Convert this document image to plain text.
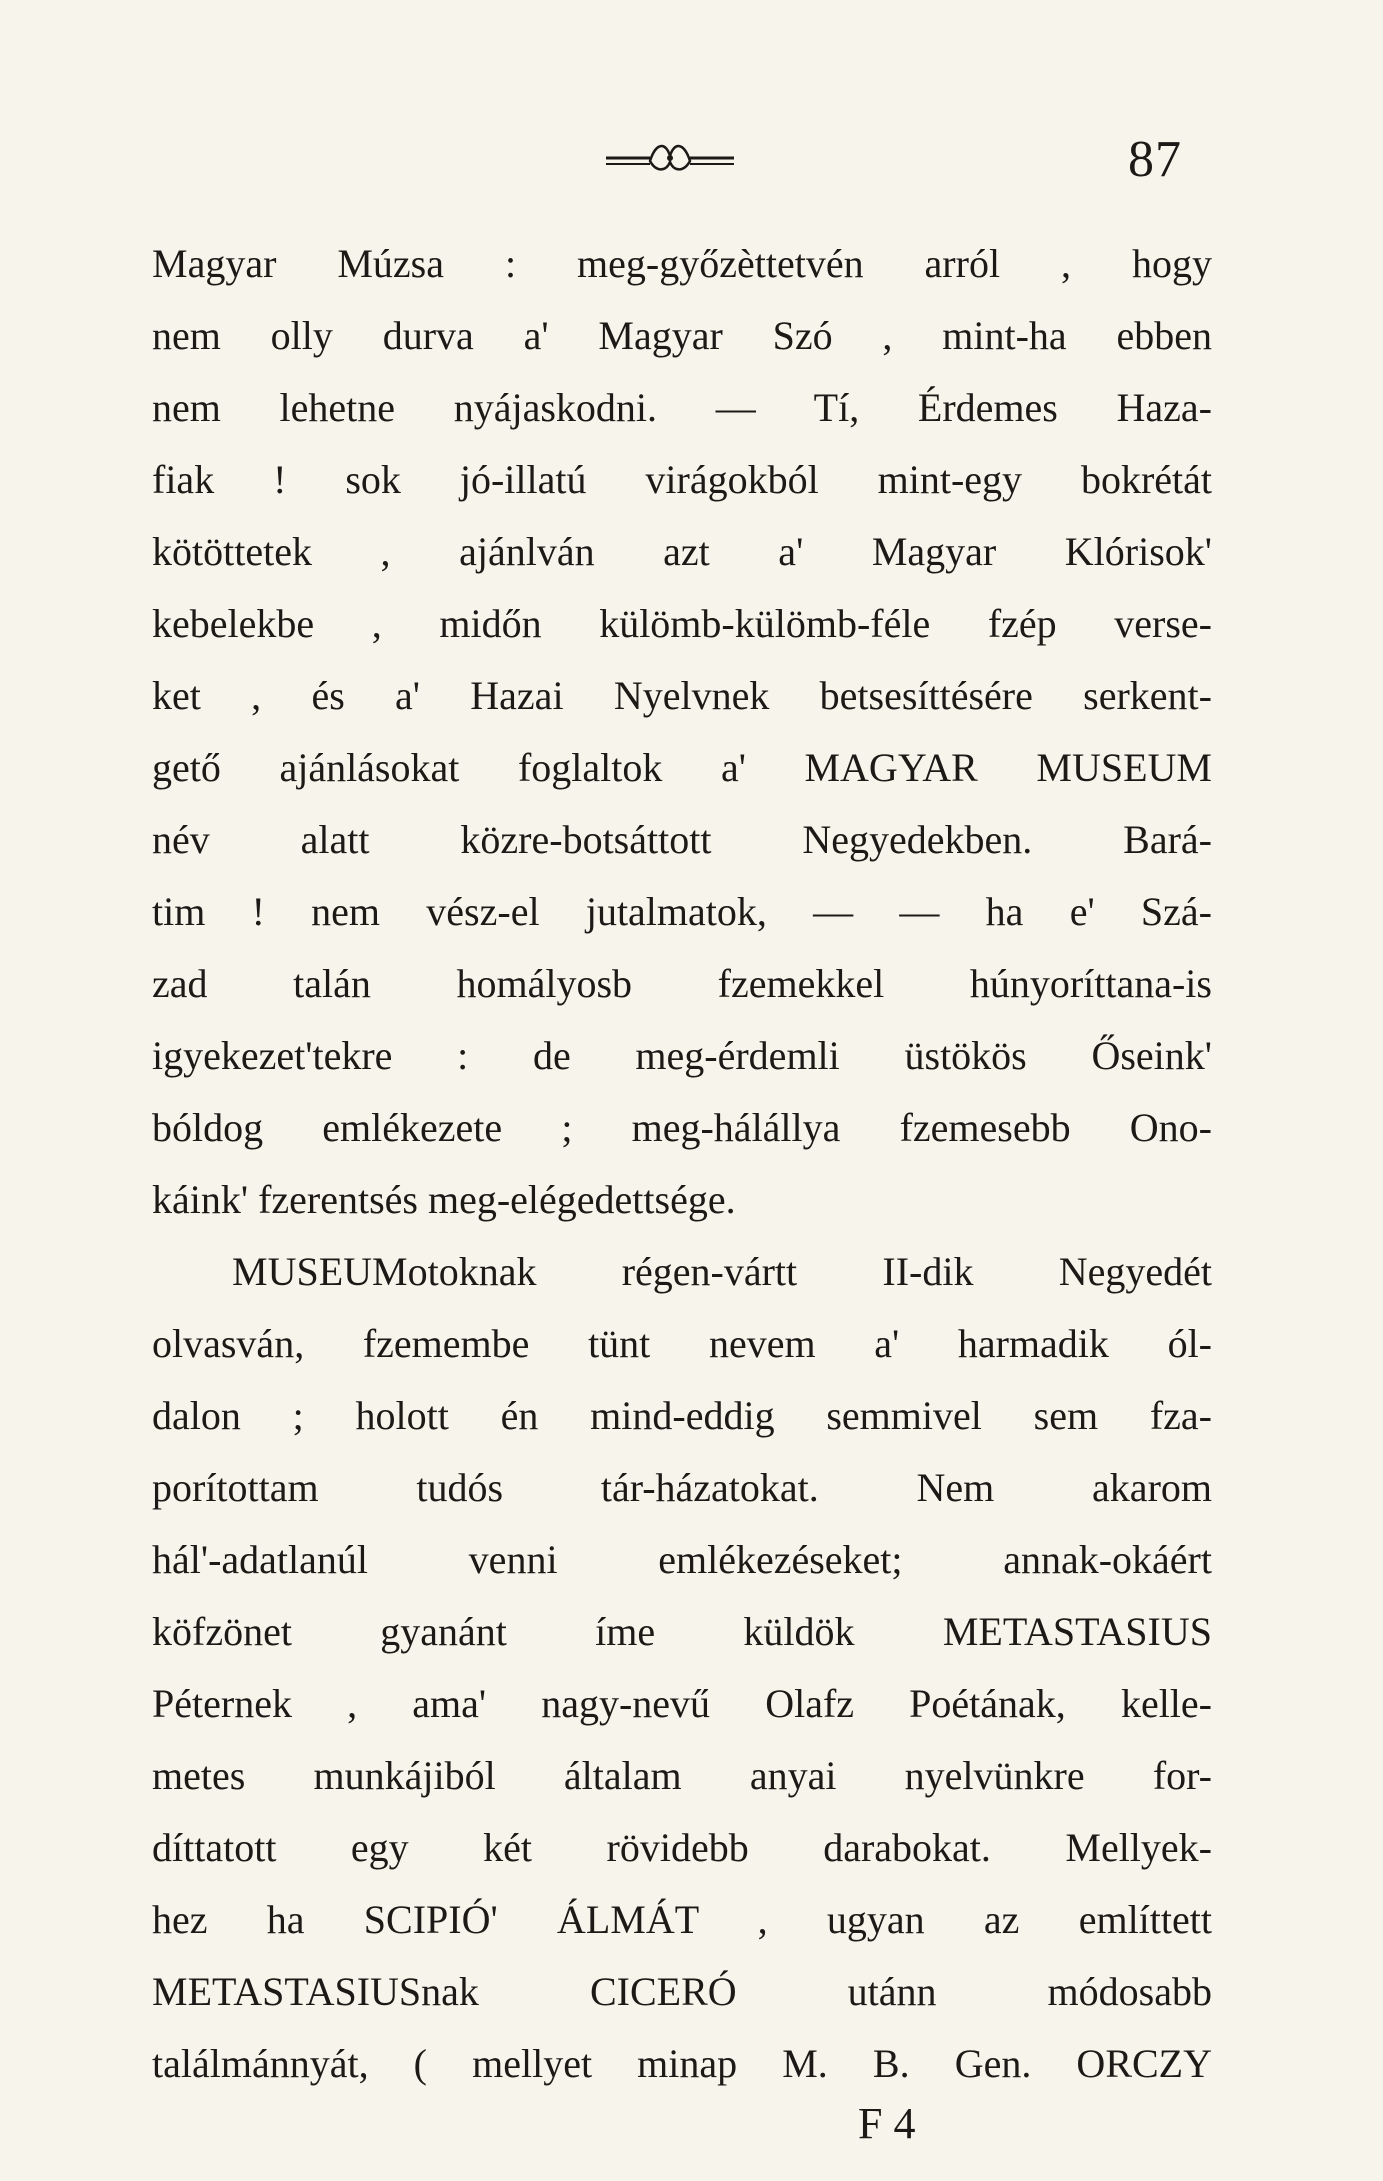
87
Magyar Múzsa : meg-győzèttetvén arról , hogy
nem olly durva a' Magyar Szó , mint-ha ebben
nem lehetne nyájaskodni. — Tí, Érdemes Haza-
fiak ! sok jó-illatú virágokból mint-egy bokrétát
kötöttetek , ajánlván azt a' Magyar Klórisok'
kebelekbe , midőn külömb-külömb-féle fzép verse-
ket , és a' Hazai Nyelvnek betsesíttésére serkent-
gető ajánlásokat foglaltok a' MAGYAR MUSEUM
név alatt közre-botsáttott Negyedekben. Bará-
tim ! nem vész-el jutalmatok, — — ha e' Szá-
zad talán homályosb fzemekkel húnyoríttana-is
igyekezet'tekre : de meg-érdemli üstökös Őseink'
bóldog emlékezete ; meg-hálállya fzemesebb Ono-
káink' fzerentsés meg-elégedettsége.
MUSEUMotoknak régen-vártt II-dik Negyedét
olvasván, fzemembe tünt nevem a' harmadik ól-
dalon ; holott én mind-eddig semmivel sem fza-
porítottam tudós tár-házatokat. Nem akarom
hál'-adatlanúl venni emlékezéseket; annak-okáért
köfzönet gyanánt íme küldök METASTASIUS
Péternek , ama' nagy-nevű Olafz Poétának, kelle-
metes munkájiból általam anyai nyelvünkre for-
díttatott egy két rövidebb darabokat. Mellyek-
hez ha SCIPIÓ' ÁLMÁT , ugyan az említtett
METASTASIUSnak CICERÓ utánn módosabb
találmánnyát, ( mellyet minap M. B. Gen. ORCZY
F 4
